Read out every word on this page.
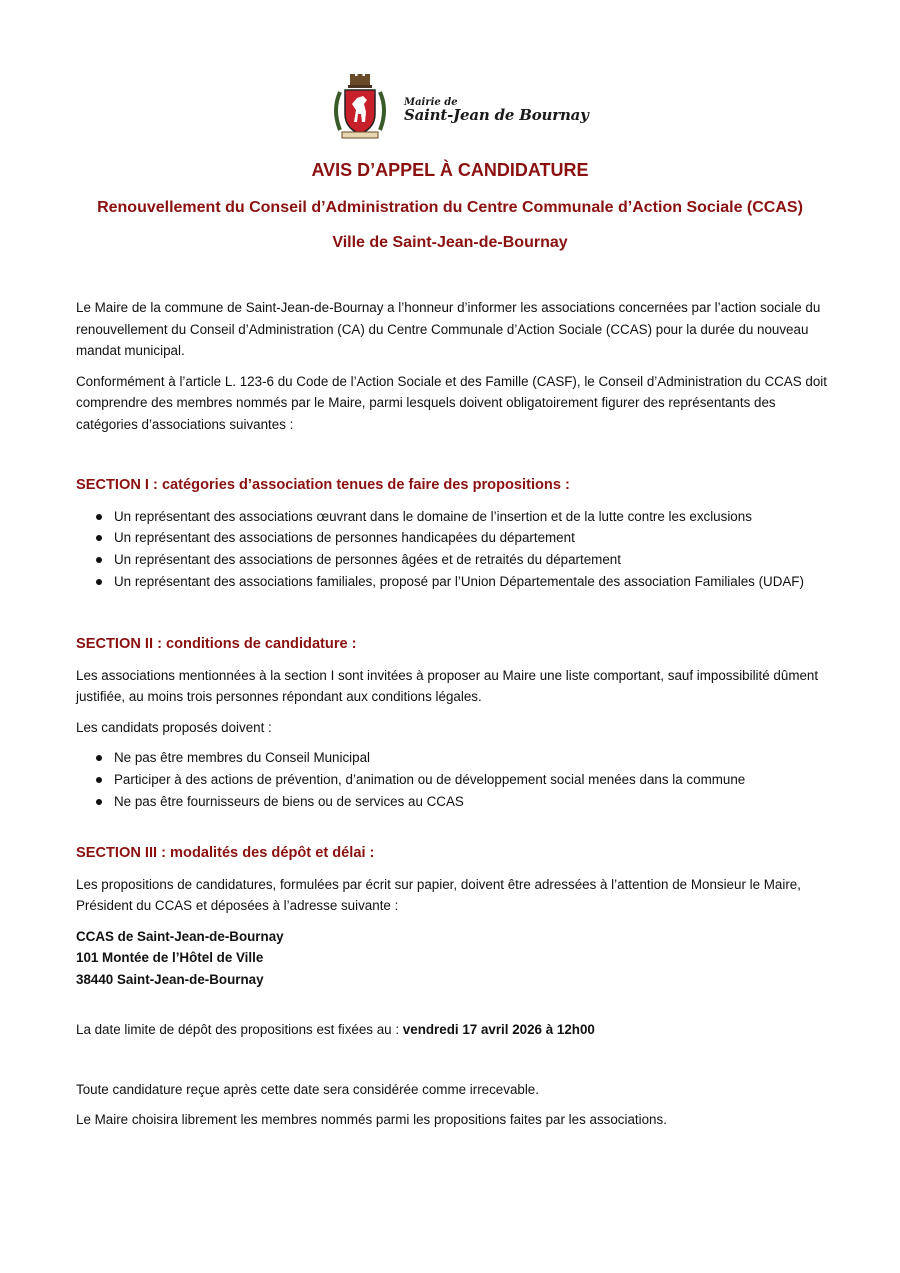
Mairie de
Saint-Jean de Bournay
AVIS D’APPEL À CANDIDATURE
Renouvellement du Conseil d’Administration du Centre Communale d’Action Sociale (CCAS)
Ville de Saint-Jean-de-Bournay

Le Maire de la commune de Saint-Jean-de-Bournay a l’honneur d’informer les associations concernées par l’action sociale du renouvellement du Conseil d’Administration (CA) du Centre Communale d’Action Sociale (CCAS) pour la durée du nouveau mandat municipal.

Conformément à l’article L. 123-6 du Code de l’Action Sociale et des Famille (CASF), le Conseil d’Administration du CCAS doit comprendre des membres nommés par le Maire, parmi lesquels doivent obligatoirement figurer des représentants des catégories d’associations suivantes :

SECTION I : catégories d’association tenues de faire des propositions :

Un représentant des associations œuvrant dans le domaine de l’insertion et de la lutte contre les exclusions
Un représentant des associations de personnes handicapées du département
Un représentant des associations de personnes âgées et de retraités du département
Un représentant des associations familiales, proposé par l’Union Départementale des association Familiales (UDAF)

SECTION II : conditions de candidature :

Les associations mentionnées à la section I sont invitées à proposer au Maire une liste comportant, sauf impossibilité dûment justifiée, au moins trois personnes répondant aux conditions légales.

Les candidats proposés doivent :

Ne pas être membres du Conseil Municipal
Participer à des actions de prévention, d’animation ou de développement social menées dans la commune
Ne pas être fournisseurs de biens ou de services au CCAS

SECTION III : modalités des dépôt et délai :

Les propositions de candidatures, formulées par écrit sur papier, doivent être adressées à l’attention de Monsieur le Maire, Président du CCAS et déposées à l’adresse suivante :

CCAS de Saint-Jean-de-Bournay

101 Montée de l’Hôtel de Ville

38440 Saint-Jean-de-Bournay

La date limite de dépôt des propositions est fixées au : vendredi 17 avril 2026 à 12h00

Toute candidature reçue après cette date sera considérée comme irrecevable.

Le Maire choisira librement les membres nommés parmi les propositions faites par les associations.
